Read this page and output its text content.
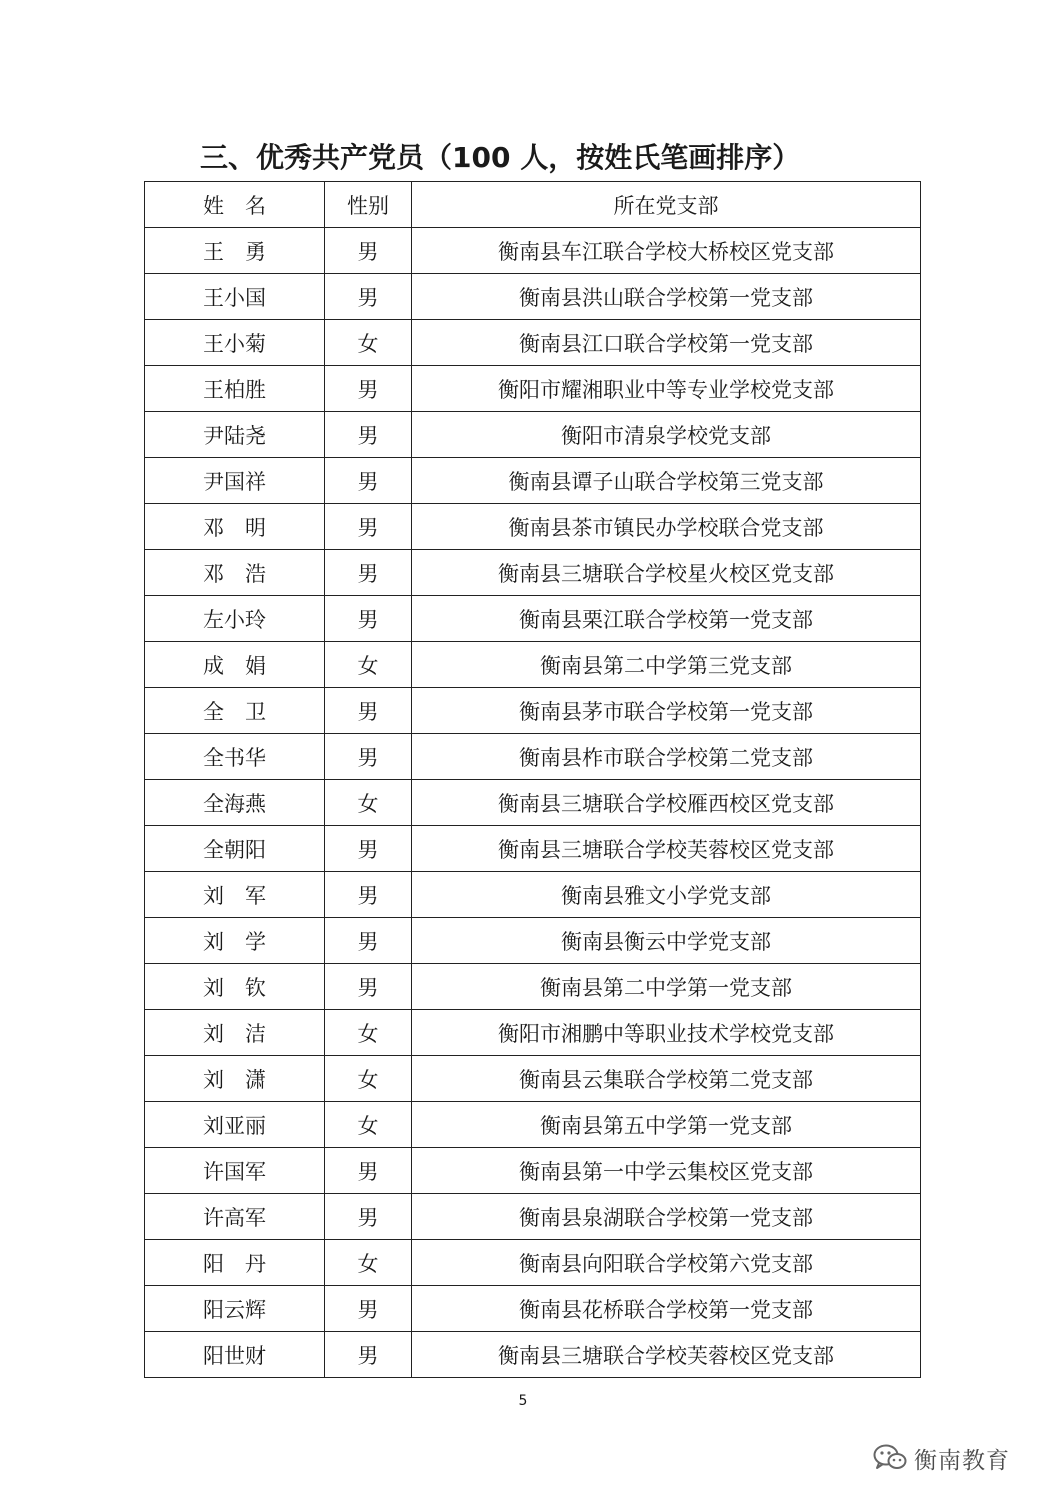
三、优秀共产党员（100 人，按姓氏笔画排序）
姓　名	性别	所在党支部
王　勇	男	衡南县车江联合学校大桥校区党支部
王小国	男	衡南县洪山联合学校第一党支部
王小菊	女	衡南县江口联合学校第一党支部
王柏胜	男	衡阳市耀湘职业中等专业学校党支部
尹陆尧	男	衡阳市清泉学校党支部
尹国祥	男	衡南县谭子山联合学校第三党支部
邓　明	男	衡南县茶市镇民办学校联合党支部
邓　浩	男	衡南县三塘联合学校星火校区党支部
左小玲	男	衡南县栗江联合学校第一党支部
成　娟	女	衡南县第二中学第三党支部
全　卫	男	衡南县茅市联合学校第一党支部
全书华	男	衡南县柞市联合学校第二党支部
全海燕	女	衡南县三塘联合学校雁西校区党支部
全朝阳	男	衡南县三塘联合学校芙蓉校区党支部
刘　军	男	衡南县雅文小学党支部
刘　学	男	衡南县衡云中学党支部
刘　钦	男	衡南县第二中学第一党支部
刘　洁	女	衡阳市湘鹏中等职业技术学校党支部
刘　潇	女	衡南县云集联合学校第二党支部
刘亚丽	女	衡南县第五中学第一党支部
许国军	男	衡南县第一中学云集校区党支部
许高军	男	衡南县泉湖联合学校第一党支部
阳　丹	女	衡南县向阳联合学校第六党支部
阳云辉	男	衡南县花桥联合学校第一党支部
阳世财	男	衡南县三塘联合学校芙蓉校区党支部
5
衡南教育
